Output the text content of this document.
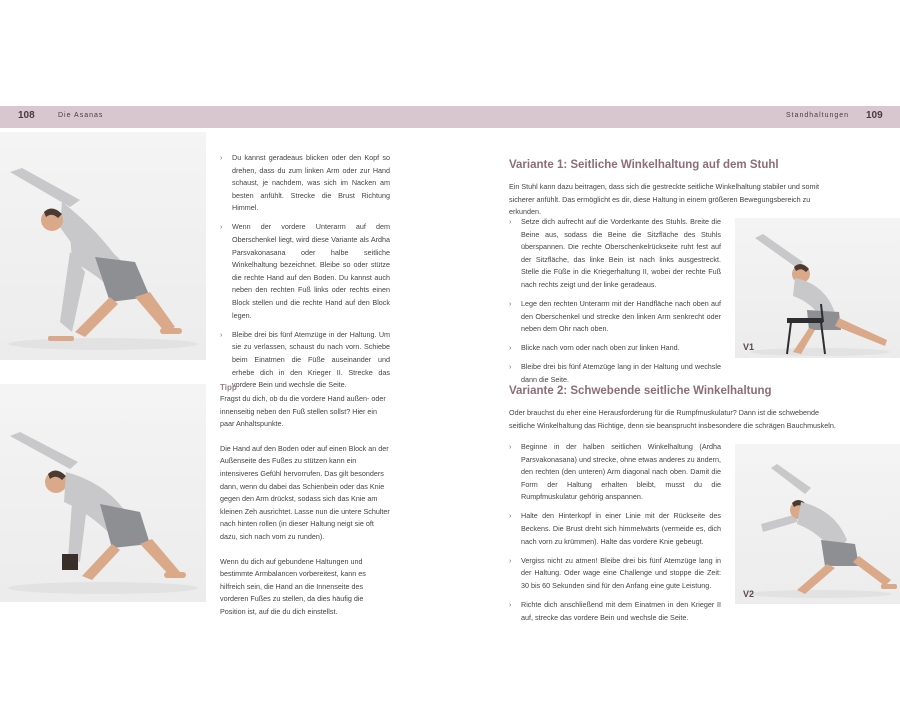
108	Die Asanas	Standhaltungen 109
› Du kannst geradeaus blicken oder den Kopf so drehen, dass du zum linken Arm oder zur Hand schaust, je nachdem, was sich im Nacken am besten anfühlt. Strecke die Brust Richtung Himmel.
› Wenn der vordere Unterarm auf dem Oberschenkel liegt, wird diese Variante als Ardha Parsvakonasana oder halbe seitliche Winkelhaltung bezeichnet. Bleibe so oder stütze die rechte Hand auf den Boden. Du kannst auch neben den rechten Fuß links oder rechts einen Block stellen und die rechte Hand auf den Block legen.
› Bleibe drei bis fünf Atemzüge in der Haltung. Um sie zu verlassen, schaust du nach vorn. Schiebe beim Einatmen die Füße auseinander und erhebe dich in den Krieger II. Strecke das vordere Bein und wechsle die Seite.
Tipp

Fragst du dich, ob du die vordere Hand außen- oder innenseitig neben den Fuß stellen sollst? Hier ein paar Anhaltspunkte.

Die Hand auf den Boden oder auf einen Block an der Außenseite des Fußes zu stützen kann ein intensiveres Gefühl hervorrufen. Das gilt besonders dann, wenn du dabei das Schienbein oder das Knie gegen den Arm drückst, sodass sich das Knie am kleinen Zeh ausrichtet. Lasse nun die untere Schulter nach hinten rollen (in dieser Haltung neigt sie oft dazu, sich nach vorn zu runden).

Wenn du dich auf gebundene Haltungen und bestimmte Armbalancen vorbereitest, kann es hilfreich sein, die Hand an die Innenseite des vorderen Fußes zu stellen, da dies häufig die Position ist, auf die du dich einstellst.

Variante 1: Seitliche Winkelhaltung auf dem Stuhl
Ein Stuhl kann dazu beitragen, dass sich die gestreckte seitliche Winkelhaltung stabiler und somit sicherer anfühlt. Das ermöglicht es dir, diese Haltung in einem größeren Bewegungsbereich zu erkunden.
› Setze dich aufrecht auf die Vorderkante des Stuhls. Breite die Beine aus, sodass die Beine die Sitzfläche des Stuhls überspannen. Die rechte Oberschenkelrückseite ruht fest auf der Sitzfläche, das linke Bein ist nach links ausgestreckt. Stelle die Füße in die Kriegerhaltung II, wobei der rechte Fuß nach rechts zeigt und der linke geradeaus.
› Lege den rechten Unterarm mit der Handfläche nach oben auf den Oberschenkel und strecke den linken Arm senkrecht oder neben dem Ohr nach oben.
› Blicke nach vorn oder nach oben zur linken Hand.
› Bleibe drei bis fünf Atemzüge lang in der Haltung und wechsle dann die Seite.
V1
Variante 2: Schwebende seitliche Winkelhaltung
Oder brauchst du eher eine Herausforderung für die Rumpfmuskulatur? Dann ist die schwebende seitliche Winkelhaltung das Richtige, denn sie beansprucht insbesondere die schrägen Bauchmuskeln.
› Beginne in der halben seitlichen Winkelhaltung (Ardha Parsvakonasana) und strecke, ohne etwas anderes zu ändern, den rechten (den unteren) Arm diagonal nach oben. Damit die Form der Haltung erhalten bleibt, musst du die Rumpfmuskulatur gehörig anspannen.
› Halte den Hinterkopf in einer Linie mit der Rückseite des Beckens. Die Brust dreht sich himmelwärts (vermeide es, dich nach vorn zu krümmen). Halte das vordere Knie gebeugt.
› Vergiss nicht zu atmen! Bleibe drei bis fünf Atemzüge lang in der Haltung. Oder wage eine Challenge und stoppe die Zeit: 30 bis 60 Sekunden sind für den Anfang eine gute Leistung.
› Richte dich anschließend mit dem Einatmen in den Krieger II auf, strecke das vordere Bein und wechsle die Seite.
V2
